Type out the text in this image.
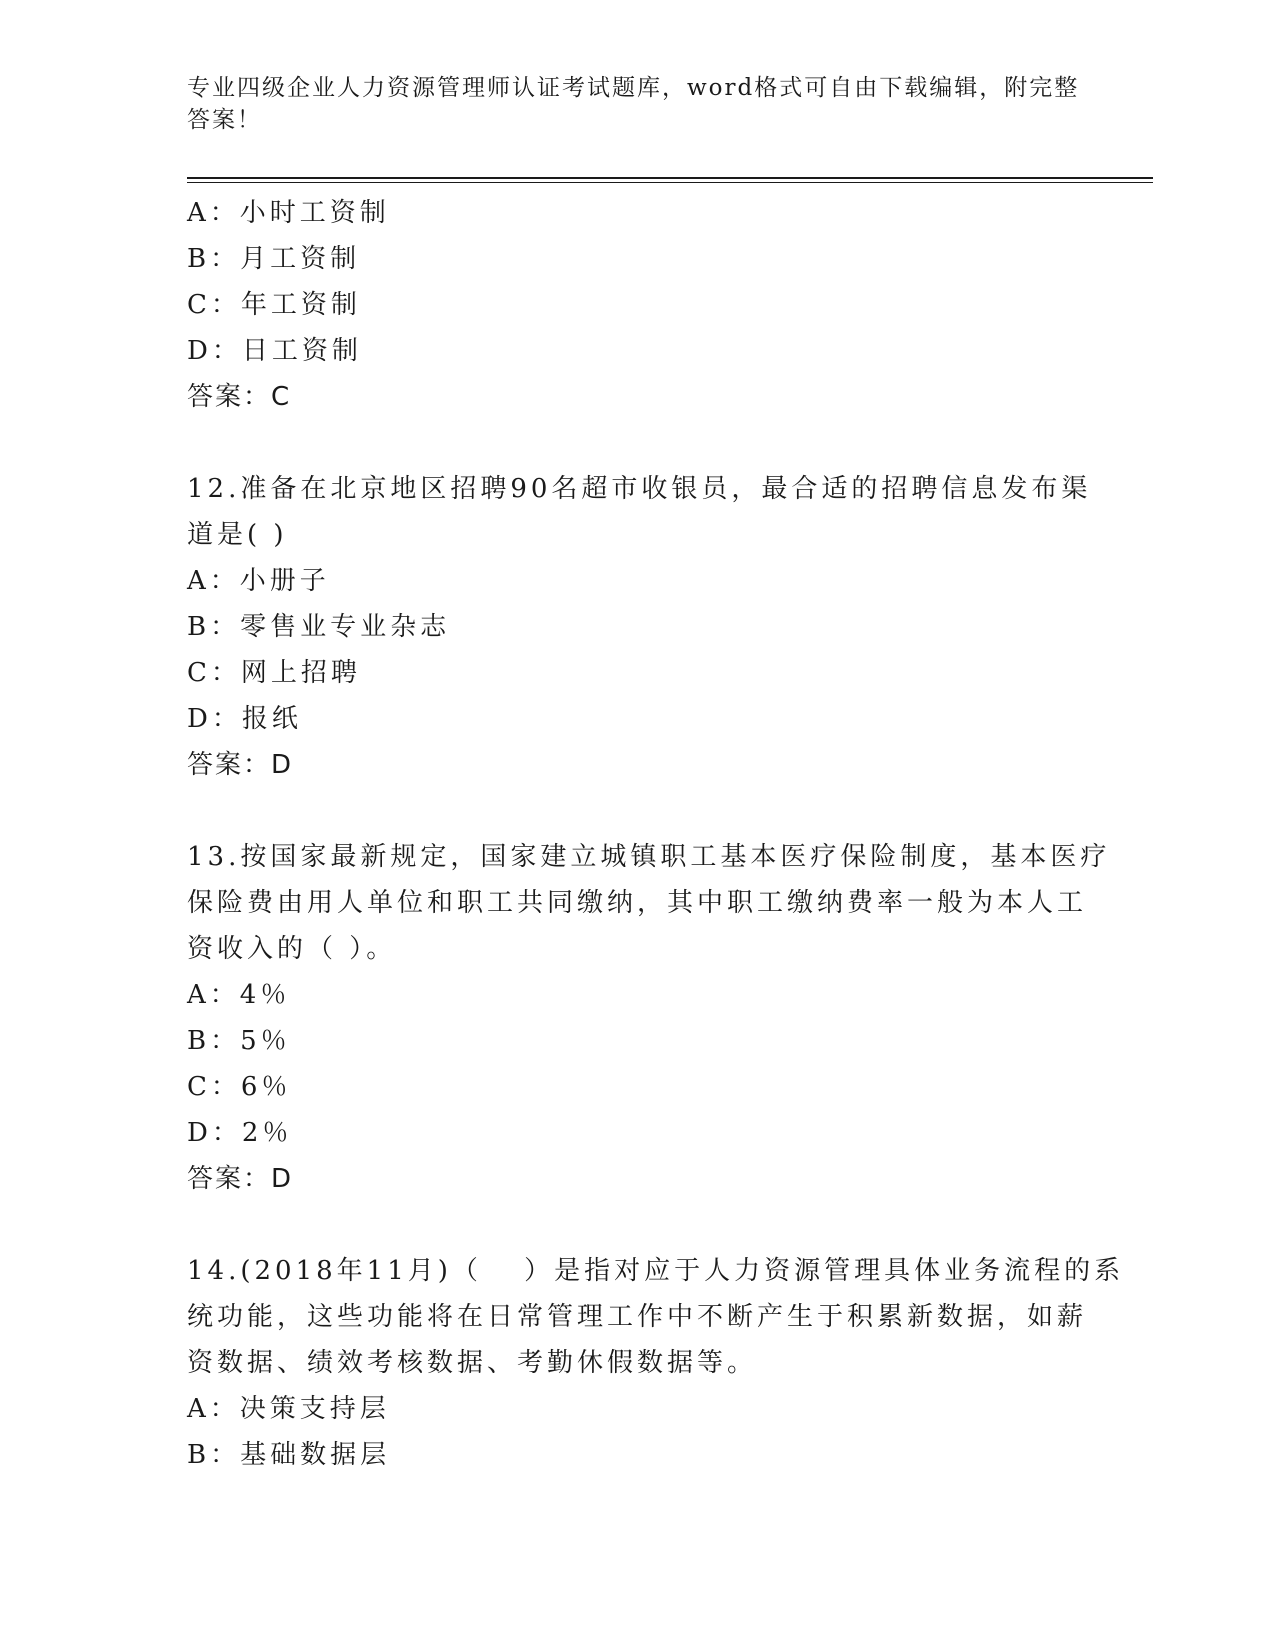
专业四级企业人力资源管理师认证考试题库，word格式可自由下载编辑，附完整
答案！
A：小时工资制
B：月工资制
C：年工资制
D：日工资制
答案：C
12.准备在北京地区招聘90名超市收银员，最合适的招聘信息发布渠
道是( )
A：小册子
B：零售业专业杂志
C：网上招聘
D：报纸
答案：D
13.按国家最新规定，国家建立城镇职工基本医疗保险制度，基本医疗
保险费由用人单位和职工共同缴纳，其中职工缴纳费率一般为本人工
资收入的（ ）。
A：4％
B：5％
C：6％
D：2％
答案：D
14.(2018年11月)（　 ）是指对应于人力资源管理具体业务流程的系
统功能，这些功能将在日常管理工作中不断产生于积累新数据，如薪
资数据、绩效考核数据、考勤休假数据等。
A：决策支持层
B：基础数据层
